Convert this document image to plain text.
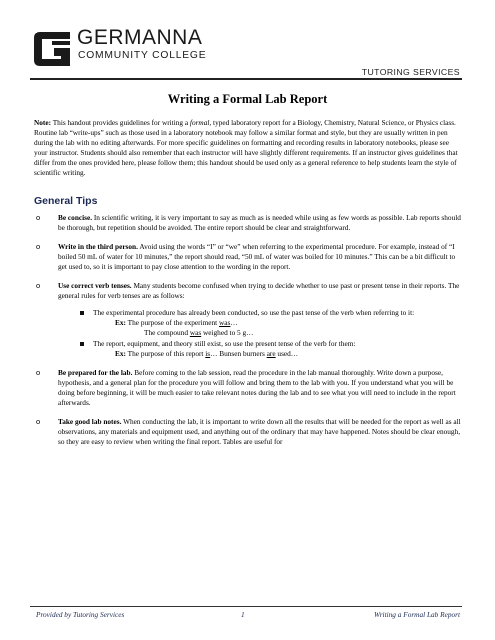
GERMANNA
COMMUNITY COLLEGE
TUTORING SERVICES
Writing a Formal Lab Report

Note: This handout provides guidelines for writing a formal, typed laboratory report for a Biology, Chemistry, Natural Science, or Physics class. Routine lab “write-ups” such as those used in a laboratory notebook may follow a similar format and style, but they are usually written in pen during the lab with no editing afterwards. For more specific guidelines on formatting and recording results in laboratory notebooks, please see your instructor. Students should also remember that each instructor will have slightly different requirements. If an instructor gives guidelines that differ from the ones provided here, please follow them; this handout should be used only as a general reference to help students learn the style of scientific writing.

General Tips
o Be concise. In scientific writing, it is very important to say as much as is needed while using as few words as possible. Lab reports should be thorough, but repetition should be avoided. The entire report should be clear and straightforward.
o Write in the third person. Avoid using the words “I” or “we” when referring to the experimental procedure. For example, instead of “I boiled 50 mL of water for 10 minutes,” the report should read, “50 mL of water was boiled for 10 minutes.” This can be a bit difficult to get used to, so it is important to pay close attention to the wording in the report.
o Use correct verb tenses. Many students become confused when trying to decide whether to use past or present tense in their reports. The general rules for verb tenses are as follows:
The experimental procedure has already been conducted, so use the past tense of the verb when referring to it:
Ex: The purpose of the experiment was…
The compound was weighed to 5 g…
The report, equipment, and theory still exist, so use the present tense of the verb for them:
Ex: The purpose of this report is… Bunsen burners are used…
o Be prepared for the lab. Before coming to the lab session, read the procedure in the lab manual thoroughly. Write down a purpose, hypothesis, and a general plan for the procedure you will follow and bring them to the lab with you. If you understand what you will be doing before beginning, it will be much easier to take relevant notes during the lab and to see what you will need to include in the report afterwards.
o Take good lab notes. When conducting the lab, it is important to write down all the results that will be needed for the report as well as all observations, any materials and equipment used, and anything out of the ordinary that may have happened. Notes should be clear enough, so they are easy to review when writing the final report. Tables are useful for
Provided by Tutoring Services	1	Writing a Formal Lab Report
